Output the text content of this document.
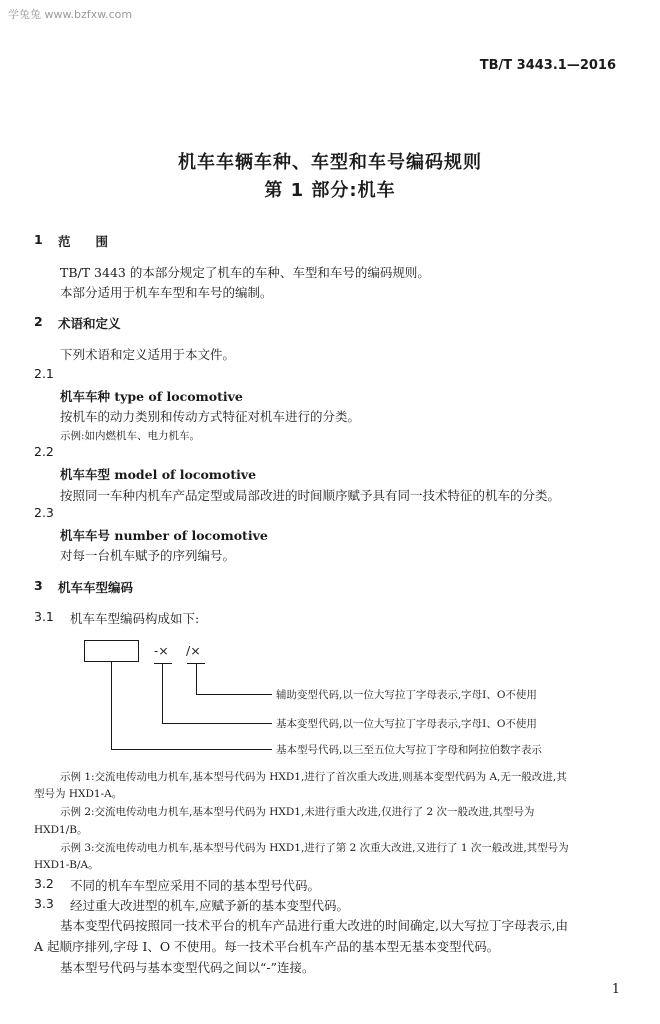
学兔兔 www.bzfxw.com
TB/T 3443.1—2016
机车车辆车种、车型和车号编码规则
第 1 部分:机车
1 范　　围
TB/T 3443 的本部分规定了机车的车种、车型和车号的编码规则。
本部分适用于机车车型和车号的编制。
2 术语和定义
下列术语和定义适用于本文件。
2.1
机车车种 type of locomotive
按机车的动力类别和传动方式特征对机车进行的分类。
示例:如内燃机车、电力机车。
2.2
机车车型 model of locomotive
按照同一车种内机车产品定型或局部改进的时间顺序赋予具有同一技术特征的机车的分类。
2.3
机车车号 number of locomotive
对每一台机车赋予的序列编号。
3 机车车型编码
3.1 机车车型编码构成如下:
-× /×
辅助变型代码,以一位大写拉丁字母表示,字母I、O不使用
基本变型代码,以一位大写拉丁字母表示,字母I、O不使用
基本型号代码,以三至五位大写拉丁字母和阿拉伯数字表示
示例 1:交流电传动电力机车,基本型号代码为 HXD1,进行了首次重大改进,则基本变型代码为 A,无一般改进,其
型号为 HXD1-A。
示例 2:交流电传动电力机车,基本型号代码为 HXD1,未进行重大改进,仅进行了 2 次一般改进,其型号为
HXD1/B。
示例 3:交流电传动电力机车,基本型号代码为 HXD1,进行了第 2 次重大改进,又进行了 1 次一般改进,其型号为
HXD1-B/A。
3.2 不同的机车车型应采用不同的基本型号代码。
3.3 经过重大改进型的机车,应赋予新的基本变型代码。
基本变型代码按照同一技术平台的机车产品进行重大改进的时间确定,以大写拉丁字母表示,由
A 起顺序排列,字母 I、O 不使用。每一技术平台机车产品的基本型无基本变型代码。
基本型号代码与基本变型代码之间以“-”连接。
1
